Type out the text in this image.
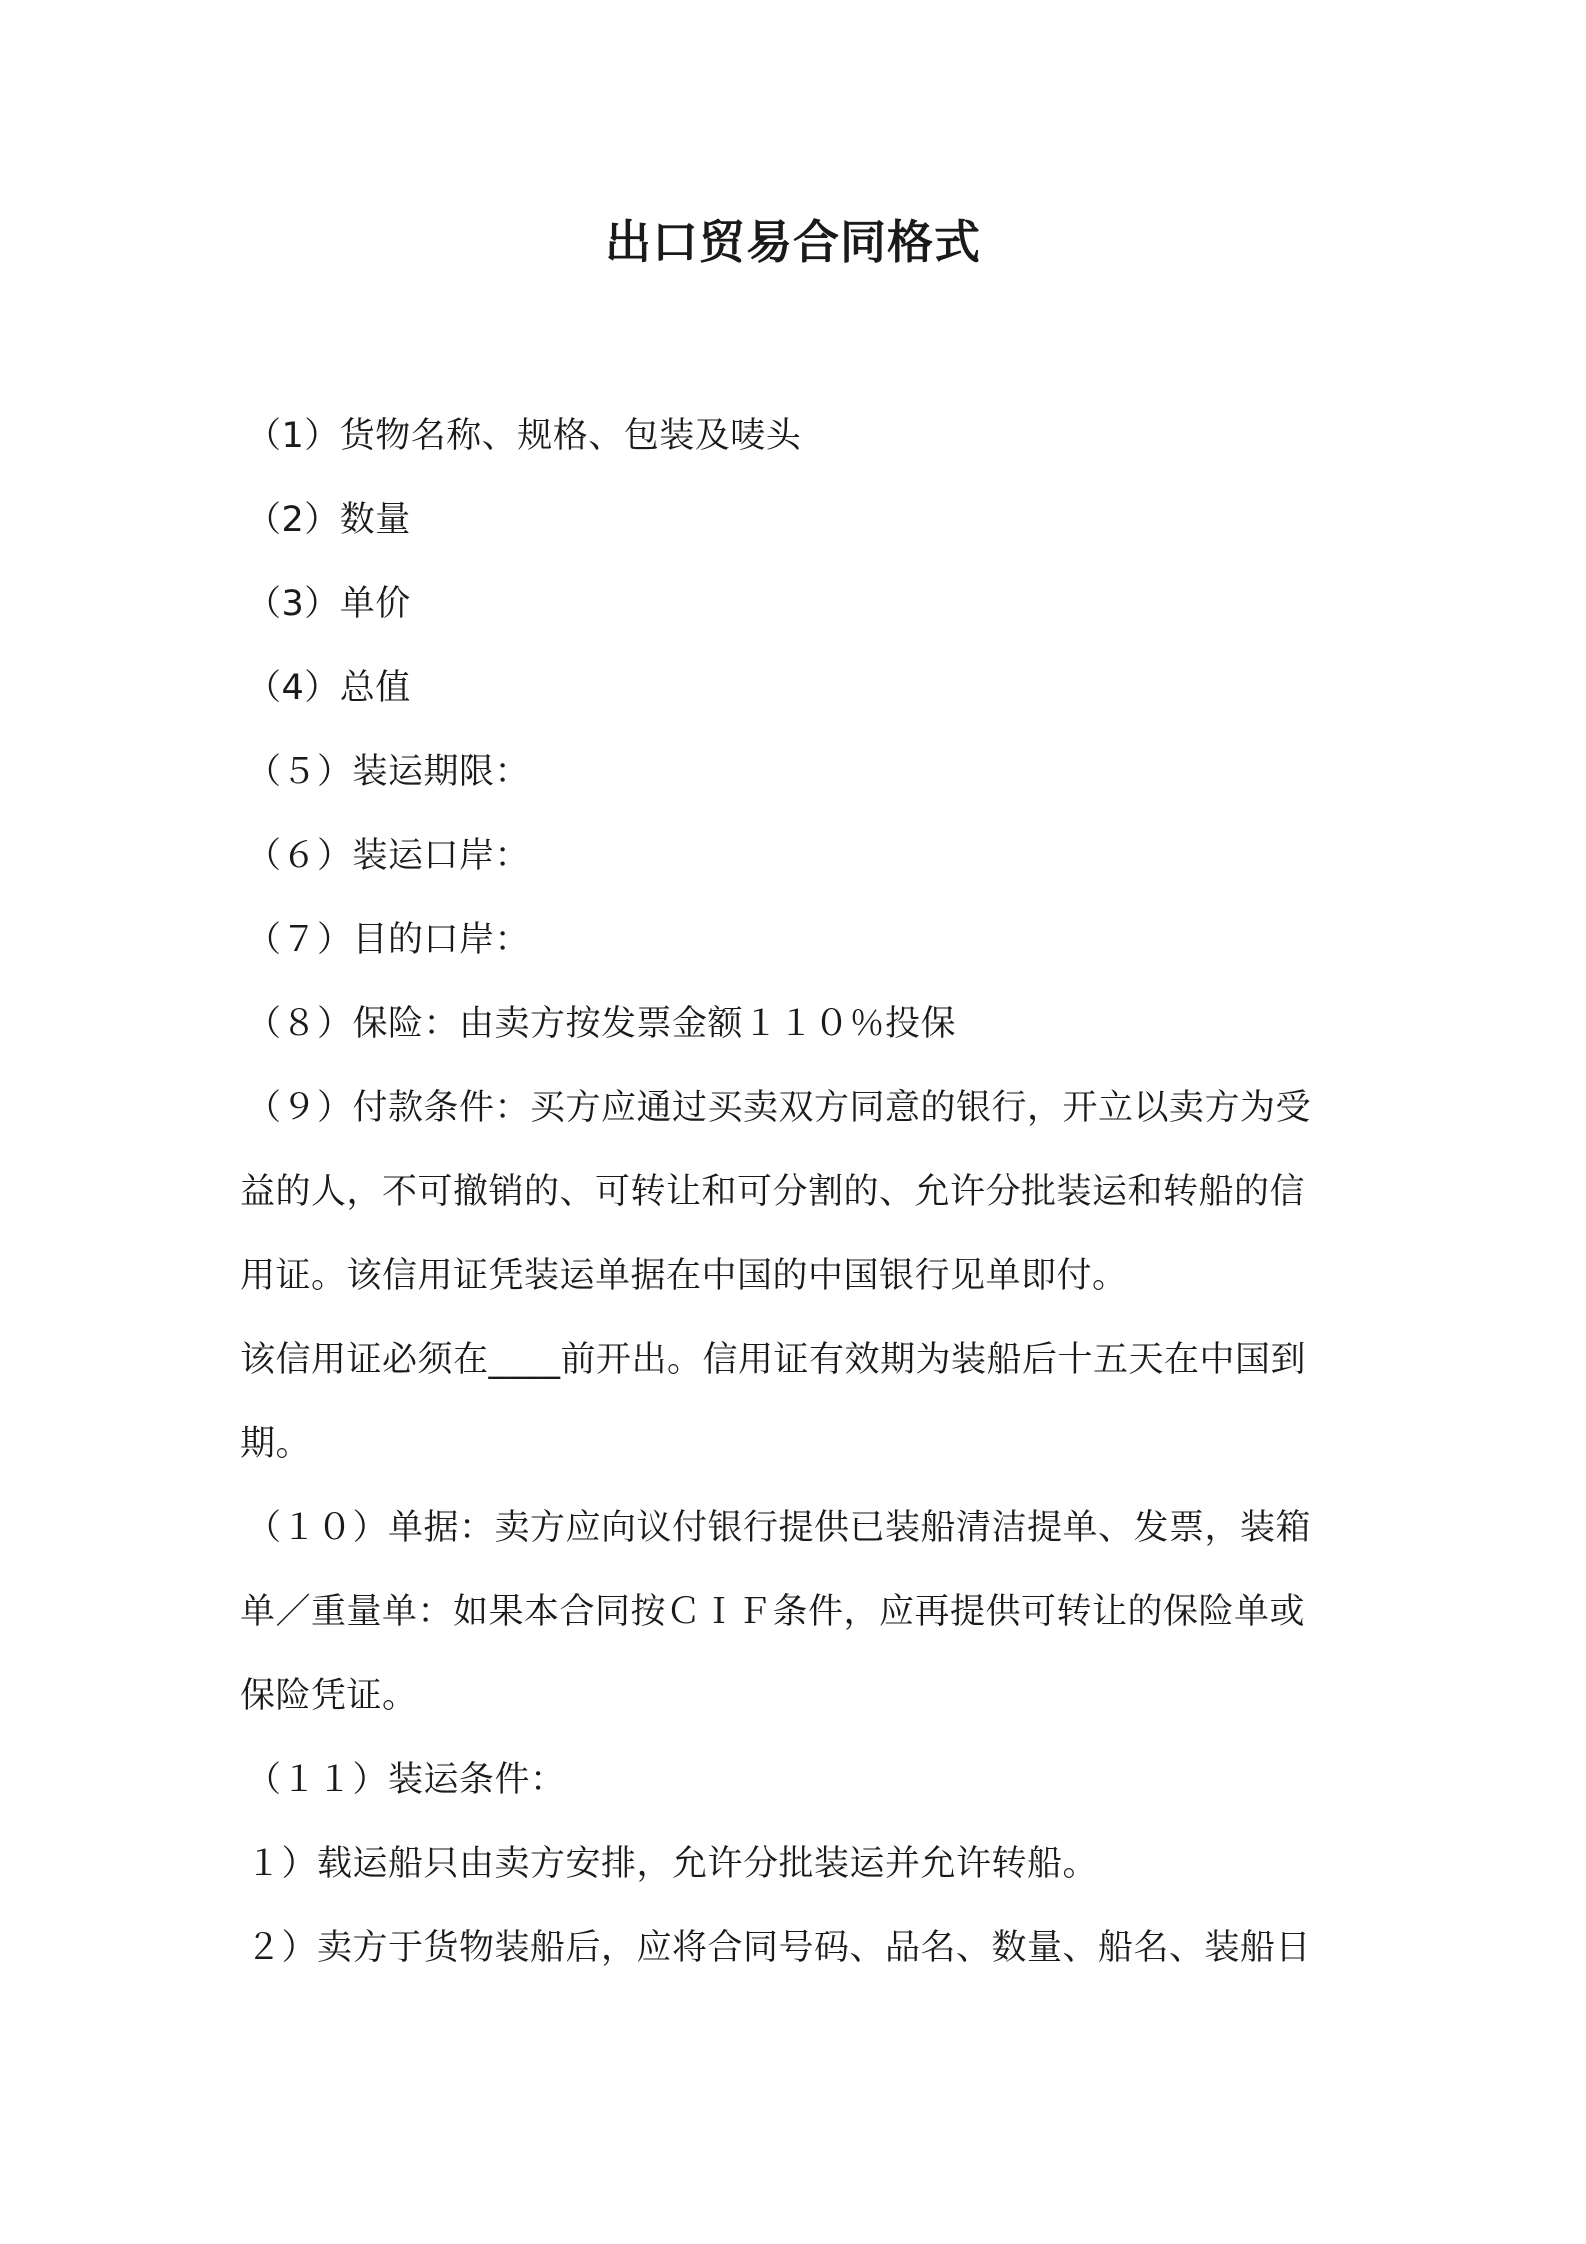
出口贸易合同格式
（1）货物名称、规格、包装及唛头
（2）数量
（3）单价
（4）总值
（５）装运期限：
（６）装运口岸：
（７）目的口岸：
（８）保险：由卖方按发票金额１１０％投保
（９）付款条件：买方应通过买卖双方同意的银行，开立以卖方为受
益的人，不可撤销的、可转让和可分割的、允许分批装运和转船的信
用证。该信用证凭装运单据在中国的中国银行见单即付。
该信用证必须在____前开出。信用证有效期为装船后十五天在中国到
期。
（１０）单据：卖方应向议付银行提供已装船清洁提单、发票，装箱
单／重量单：如果本合同按ＣＩＦ条件，应再提供可转让的保险单或
保险凭证。
（１１）装运条件：
１）载运船只由卖方安排，允许分批装运并允许转船。
２）卖方于货物装船后，应将合同号码、品名、数量、船名、装船日
